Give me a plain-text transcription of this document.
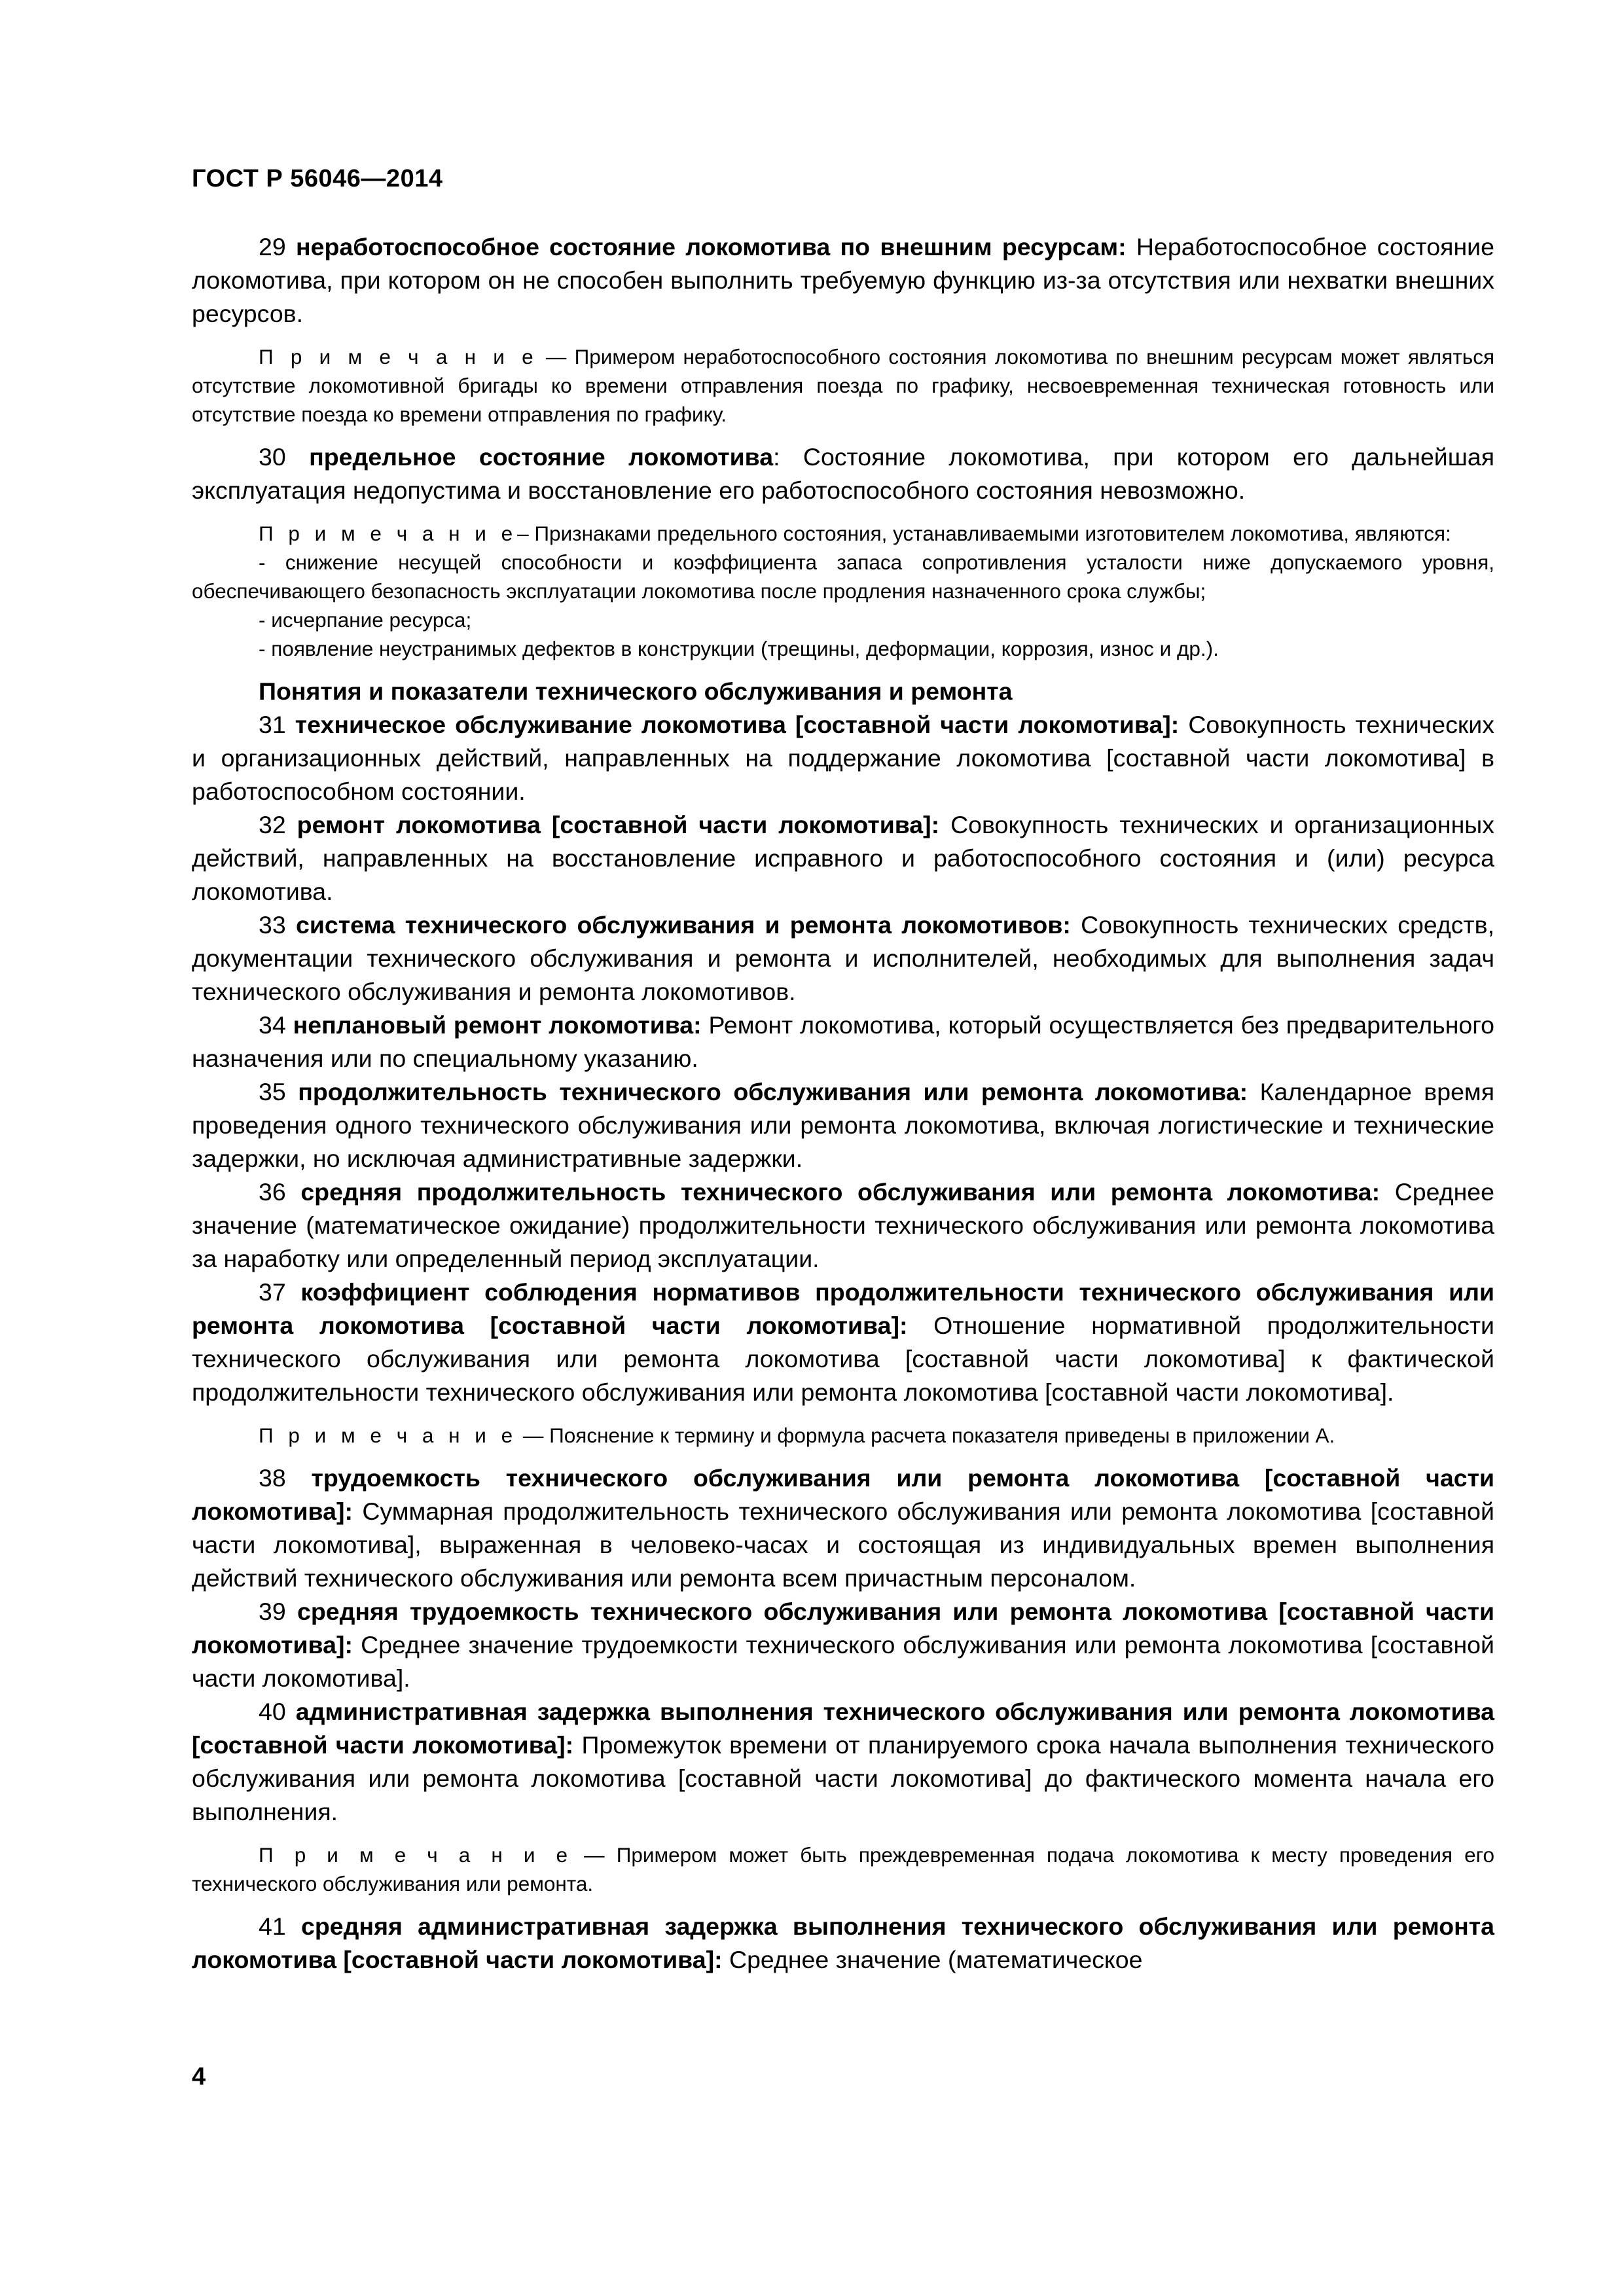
ГОСТ Р 56046—2014

29 неработоспособное состояние локомотива по внешним ресурсам: Неработоспособное состояние локомотива, при котором он не способен выполнить требуемую функцию из-за отсутствия или нехватки внешних ресурсов.

П р и м е ч а н и е — Примером неработоспособного состояния локомотива по внешним ресурсам может являться отсутствие локомотивной бригады ко времени отправления поезда по графику, несвоевременная техническая готовность или отсутствие поезда ко времени отправления по графику.

30 предельное состояние локомотива: Состояние локомотива, при котором его дальнейшая эксплуатация недопустима и восстановление его работоспособного состояния невозможно.

П р и м е ч а н и е– Признаками предельного состояния, устанавливаемыми изготовителем локомотива, являются:

- снижение несущей способности и коэффициента запаса сопротивления усталости ниже допускаемого уровня, обеспечивающего безопасность эксплуатации локомотива после продления назначенного срока службы;

- исчерпание ресурса;

- появление неустранимых дефектов в конструкции (трещины, деформации, коррозия, износ и др.).

Понятия и показатели технического обслуживания и ремонта

31 техническое обслуживание локомотива [составной части локомотива]: Совокупность технических и организационных действий, направленных на поддержание локомотива [составной части локомотива] в работоспособном состоянии.

32 ремонт локомотива [составной части локомотива]: Совокупность технических и организационных действий, направленных на восстановление исправного и работоспособного состояния и (или) ресурса локомотива.

33 система технического обслуживания и ремонта локомотивов: Совокупность технических средств, документации технического обслуживания и ремонта и исполнителей, необходимых для выполнения задач технического обслуживания и ремонта локомотивов.

34 неплановый ремонт локомотива: Ремонт локомотива, который осуществляется без предварительного назначения или по специальному указанию.

35 продолжительность технического обслуживания или ремонта локомотива: Календарное время проведения одного технического обслуживания или ремонта локомотива, включая логистические и технические задержки, но исключая административные задержки.

36 средняя продолжительность технического обслуживания или ремонта локомотива: Среднее значение (математическое ожидание) продолжительности технического обслуживания или ремонта локомотива за наработку или определенный период эксплуатации.

37 коэффициент соблюдения нормативов продолжительности технического обслуживания или ремонта локомотива [составной части локомотива]: Отношение нормативной продолжительности технического обслуживания или ремонта локомотива [составной части локомотива] к фактической продолжительности технического обслуживания или ремонта локомотива [составной части локомотива].

П р и м е ч а н и е — Пояснение к термину и формула расчета показателя приведены в приложении А.

38 трудоемкость технического обслуживания или ремонта локомотива [составной части локомотива]: Суммарная продолжительность технического обслуживания или ремонта локомотива [составной части локомотива], выраженная в человеко-часах и состоящая из индивидуальных времен выполнения действий технического обслуживания или ремонта всем причастным персоналом.

39 средняя трудоемкость технического обслуживания или ремонта локомотива [составной части локомотива]: Среднее значение трудоемкости технического обслуживания или ремонта локомотива [составной части локомотива].

40 административная задержка выполнения технического обслуживания или ремонта локомотива [составной части локомотива]: Промежуток времени от планируемого срока начала выполнения технического обслуживания или ремонта локомотива [составной части локомотива] до фактического момента начала его выполнения.

П р и м е ч а н и е — Примером может быть преждевременная подача локомотива к месту проведения его технического обслуживания или ремонта.

41 средняя административная задержка выполнения технического обслуживания или ремонта локомотива [составной части локомотива]: Среднее значение (математическое

4
